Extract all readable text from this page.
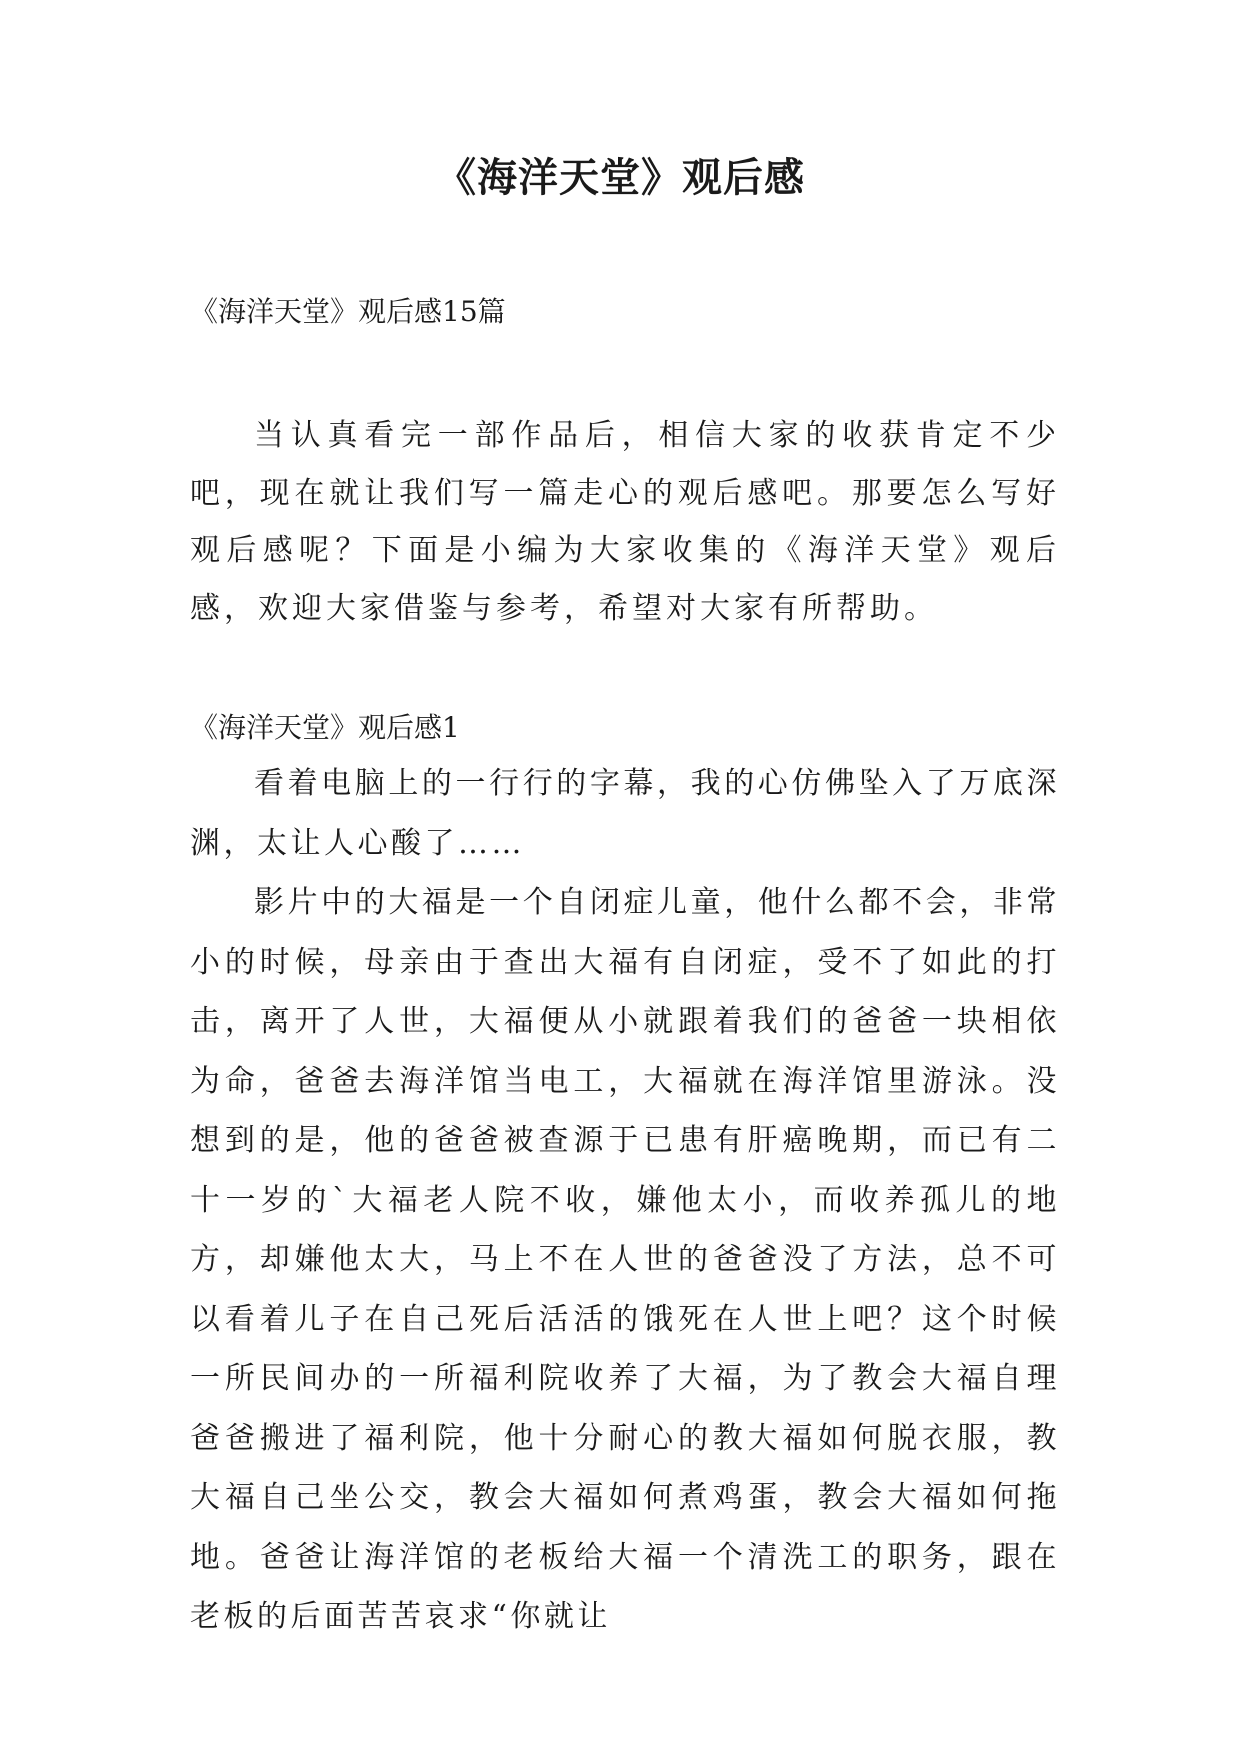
《海洋天堂》观后感

《海洋天堂》观后感15篇

当认真看完一部作品后，相信大家的收获肯定不少吧，现在就让我们写一篇走心的观后感吧。那要怎么写好观后感呢？下面是小编为大家收集的《海洋天堂》观后感，欢迎大家借鉴与参考，希望对大家有所帮助。

《海洋天堂》观后感1

看着电脑上的一行行的字幕，我的心仿佛坠入了万底深渊，太让人心酸了……

影片中的大福是一个自闭症儿童，他什么都不会，非常小的时候，母亲由于查出大福有自闭症，受不了如此的打击，离开了人世，大福便从小就跟着我们的爸爸一块相依为命，爸爸去海洋馆当电工，大福就在海洋馆里游泳。没想到的是，他的爸爸被查源于已患有肝癌晚期，而已有二十一岁的`大福老人院不收，嫌他太小，而收养孤儿的地方，却嫌他太大，马上不在人世的爸爸没了方法，总不可以看着儿子在自己死后活活的饿死在人世上吧？这个时候一所民间办的一所福利院收养了大福，为了教会大福自理爸爸搬进了福利院，他十分耐心的教大福如何脱衣服，教大福自己坐公交，教会大福如何煮鸡蛋，教会大福如何拖地。爸爸让海洋馆的老板给大福一个清洗工的职务，跟在老板的后面苦苦哀求“你就让
